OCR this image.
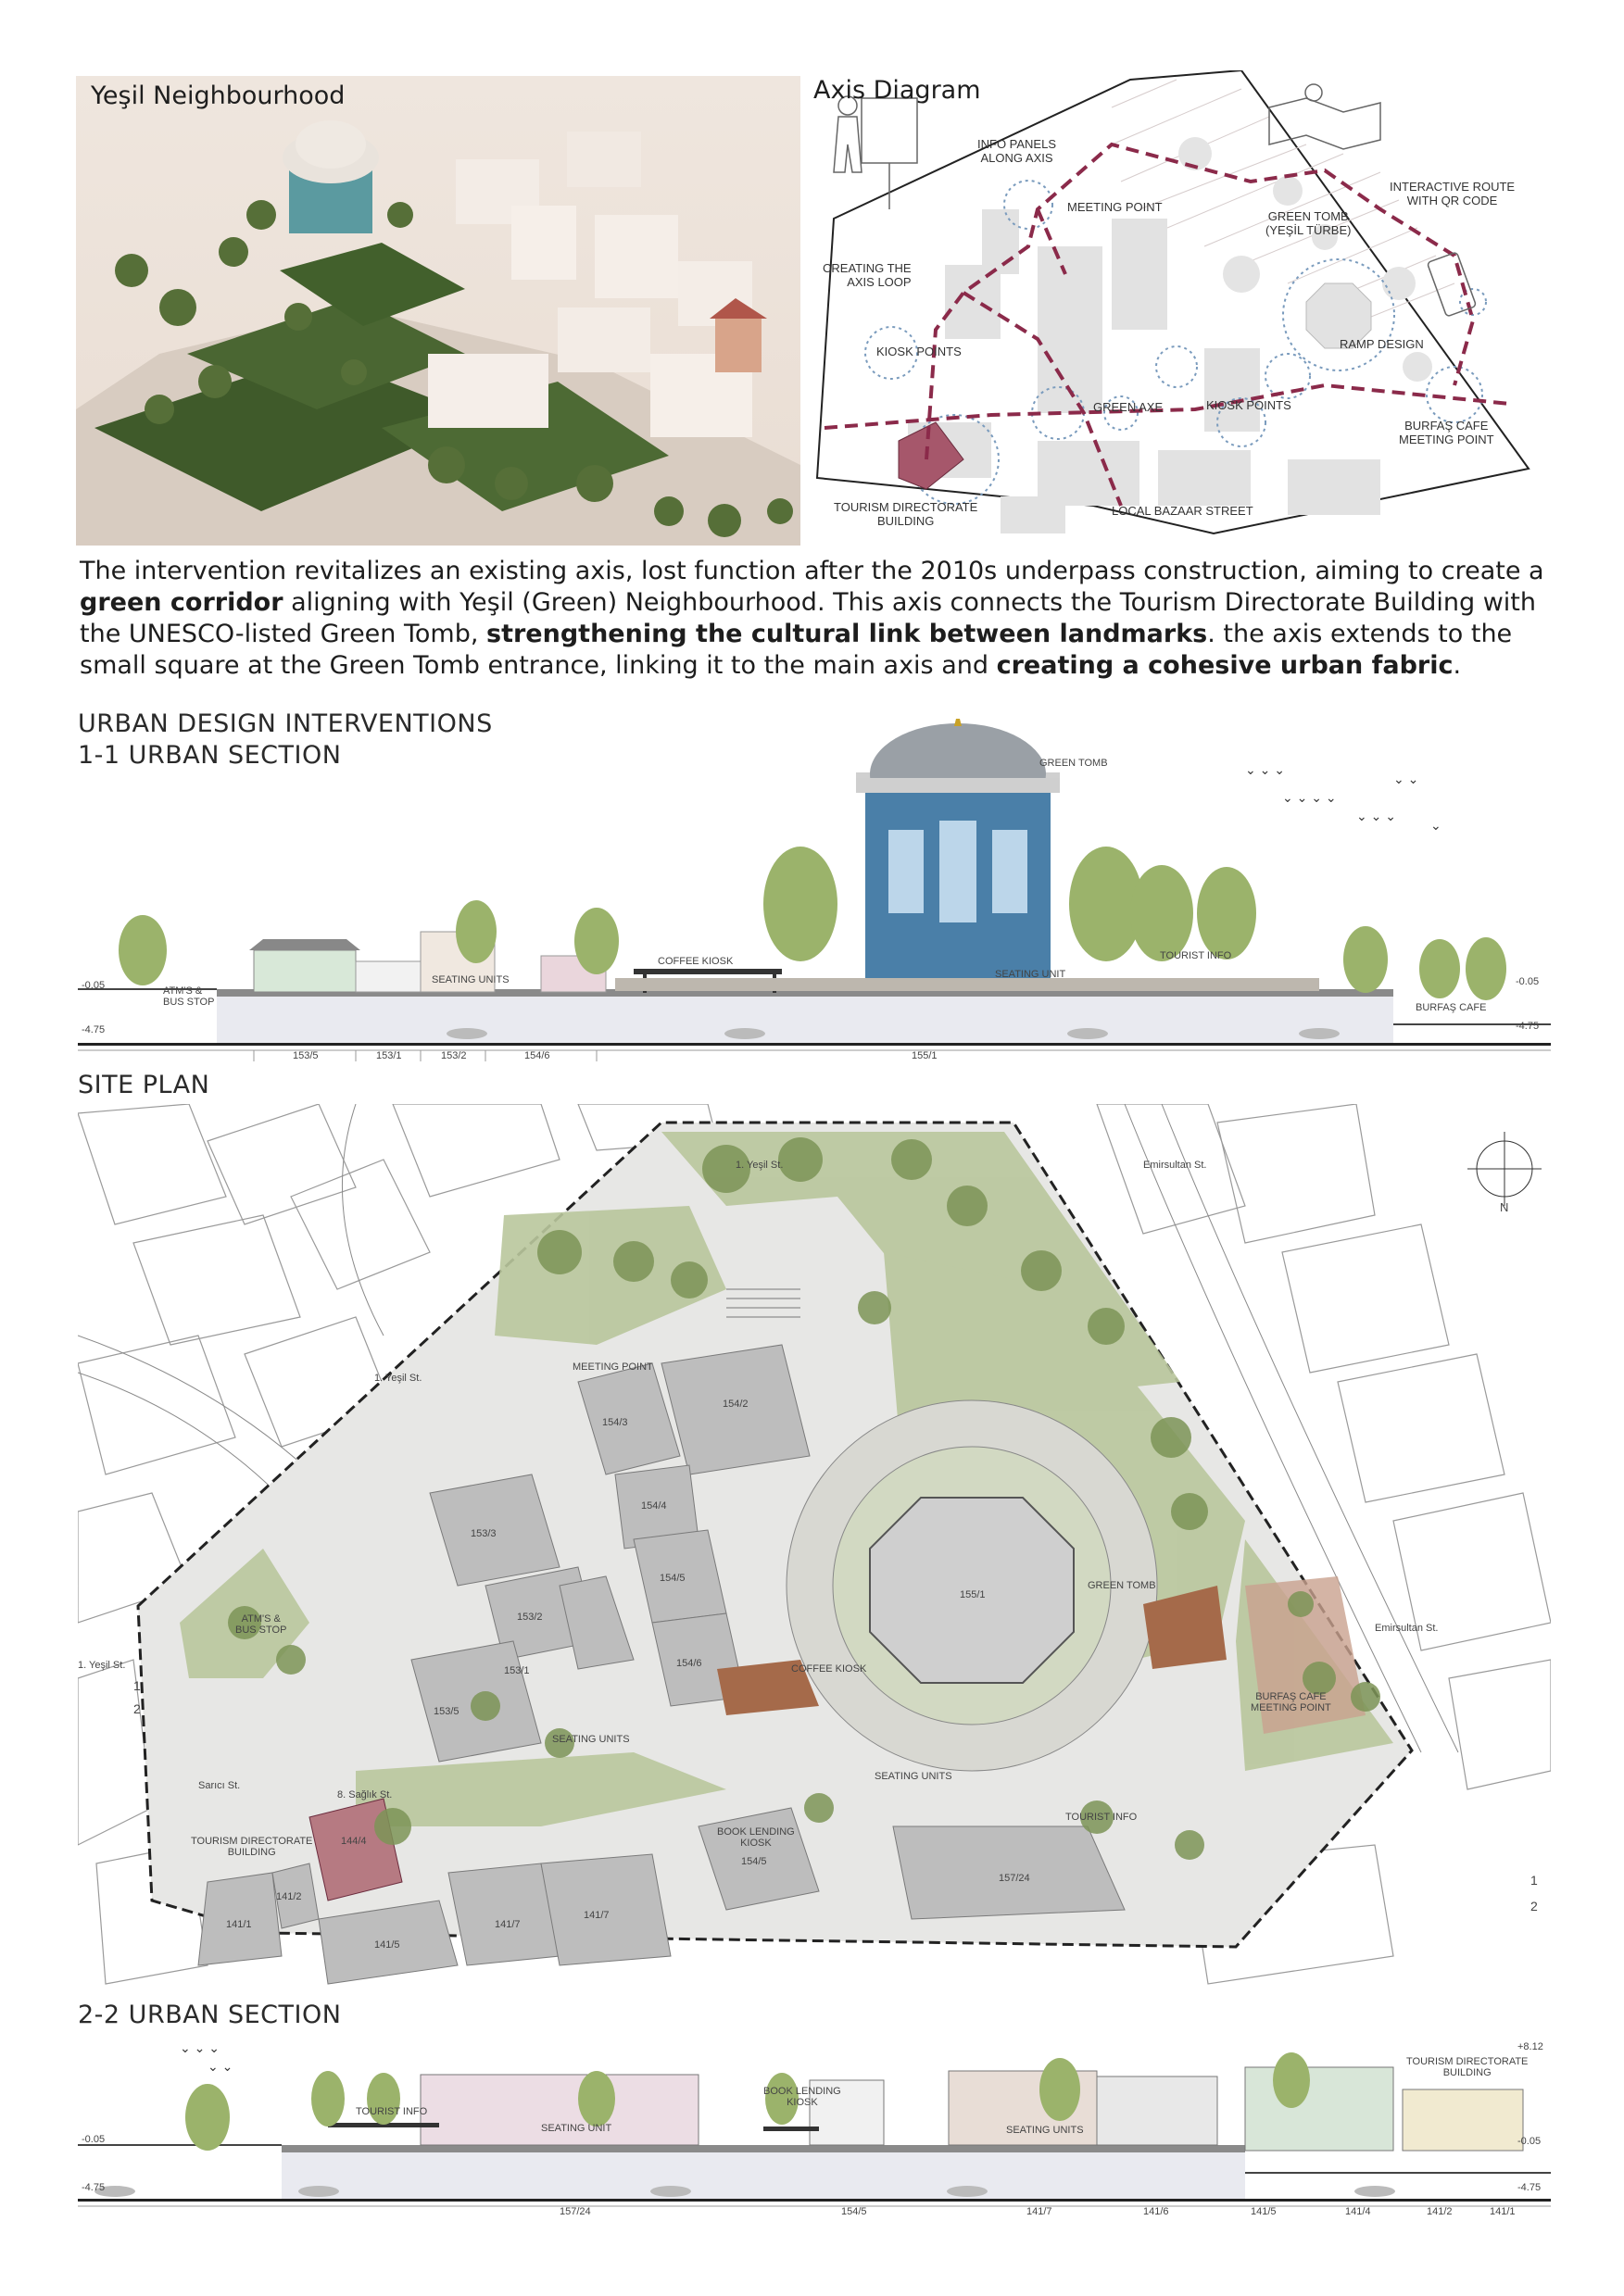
Yeşil Neighbourhood	Axis Diagram
INFO PANELS
ALONG AXIS
MEETING POINT
GREEN TOMB
(YEŞİL TÜRBE)
INTERACTIVE ROUTE
WITH QR CODE
CREATING THE
AXIS LOOP
KIOSK POINTS
RAMP DESIGN
GREEN AXE	KIOSK POINTS
BURFAŞ CAFE
MEETING POINT
TOURISM DIRECTORATE
BUILDING
LOCAL BAZAAR STREET
The intervention revitalizes an existing axis, lost function after the 2010s underpass construction, aiming to create a green corridor aligning with Yeşil (Green) Neighbourhood. This axis connects the Tourism Directorate Building with the UNESCO-listed Green Tomb, strengthening the cultural link between landmarks. the axis extends to the small square at the Green Tomb entrance, linking it to the main axis and creating a cohesive urban fabric.
URBAN DESIGN INTERVENTIONS
1-1 URBAN SECTION	⌄ ⌄ ⌄
⌄ ⌄ ⌄ ⌄
⌄ ⌄
⌄ ⌄ ⌄
⌄
GREEN TOMB
COFFEE KIOSK
SEATING UNITS	SEATING UNIT
TOURIST INFO
ATM'S &
BUS STOP	BURFAŞ CAFE
-0.05
-4.75
-0.05
-4.75
153/5	153/1	153/2	154/6	155/1
SITE PLAN
N
MEETING POINT
GREEN TOMB
ATM'S &
BUS STOP
COFFEE KIOSK
SEATING UNITS
SEATING UNITS
BURFAŞ CAFE
MEETING POINT
TOURIST INFO
TOURISM DIRECTORATE
BUILDING
BOOK LENDING
KIOSK
1. Yeşil St.
1. Yeşil St.
1. Yeşil St.
Emirsultan St.
Emirsultan St.
8. Sağlık St.
Sarıcı St.
1
2
1
2
153/3
153/2
153/1
153/5
154/3
154/2
154/4
154/5
154/6
155/1
144/4
141/2
141/1
141/5
141/7
141/7
154/5
157/24
2-2 URBAN SECTION
⌄ ⌄ ⌄
⌄ ⌄
TOURIST INFO
SEATING UNIT
BOOK LENDING
KIOSK
SEATING UNITS
TOURISM DIRECTORATE
BUILDING
+8.12
-0.05
-4.75
-0.05
-4.75
157/24	154/5	141/7	141/6	141/5	141/4	141/2	141/1
